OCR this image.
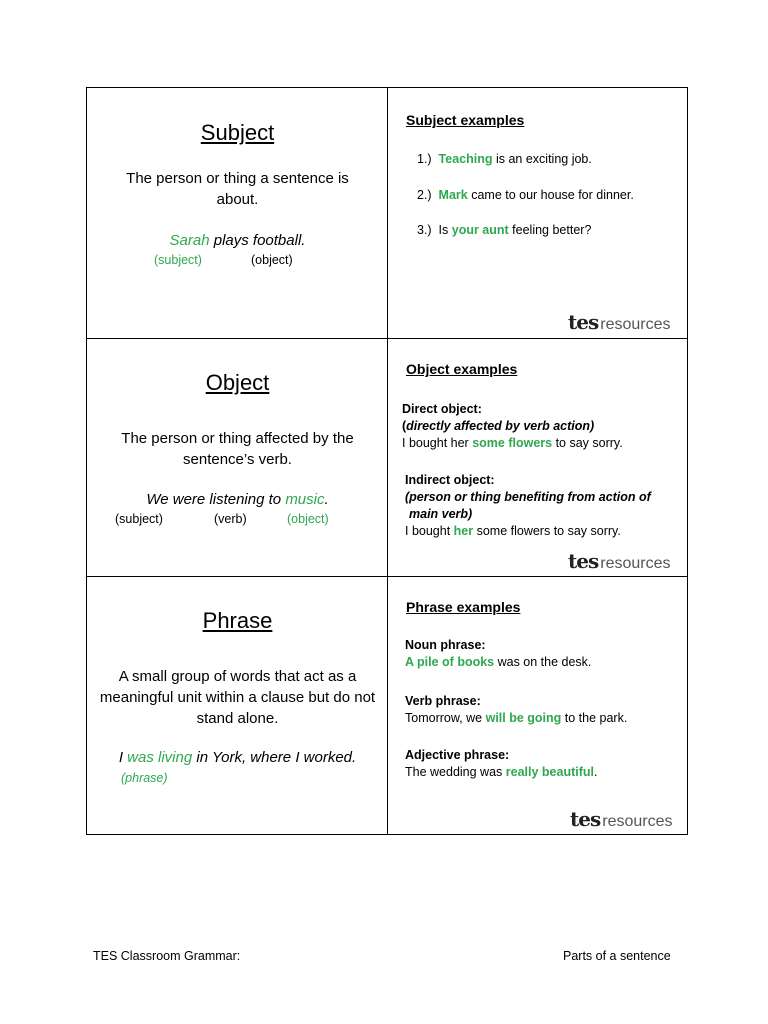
Subject
The person or thing a sentence is about.
Sarah plays football.
(subject)	(object)
Subject examples
1.) Teaching is an exciting job.
2.) Mark came to our house for dinner.
3.) Is your aunt feeling better?
tes resources
Object
The person or thing affected by the sentence’s verb.
We were listening to music.
(subject)	(verb)	(object)
Object examples
Direct object:
(directly affected by verb action)
I bought her some flowers to say sorry.
Indirect object:
(person or thing benefiting from action of
main verb)
I bought her some flowers to say sorry.
tes resources
Phrase
A small group of words that act as a meaningful unit within a clause but do not stand alone.
I was living in York, where I worked.
(phrase)
Phrase examples
Noun phrase:
A pile of books was on the desk.
Verb phrase:
Tomorrow, we will be going to the park.
Adjective phrase:
The wedding was really beautiful.
tes resources
TES Classroom Grammar:	Parts of a sentence
